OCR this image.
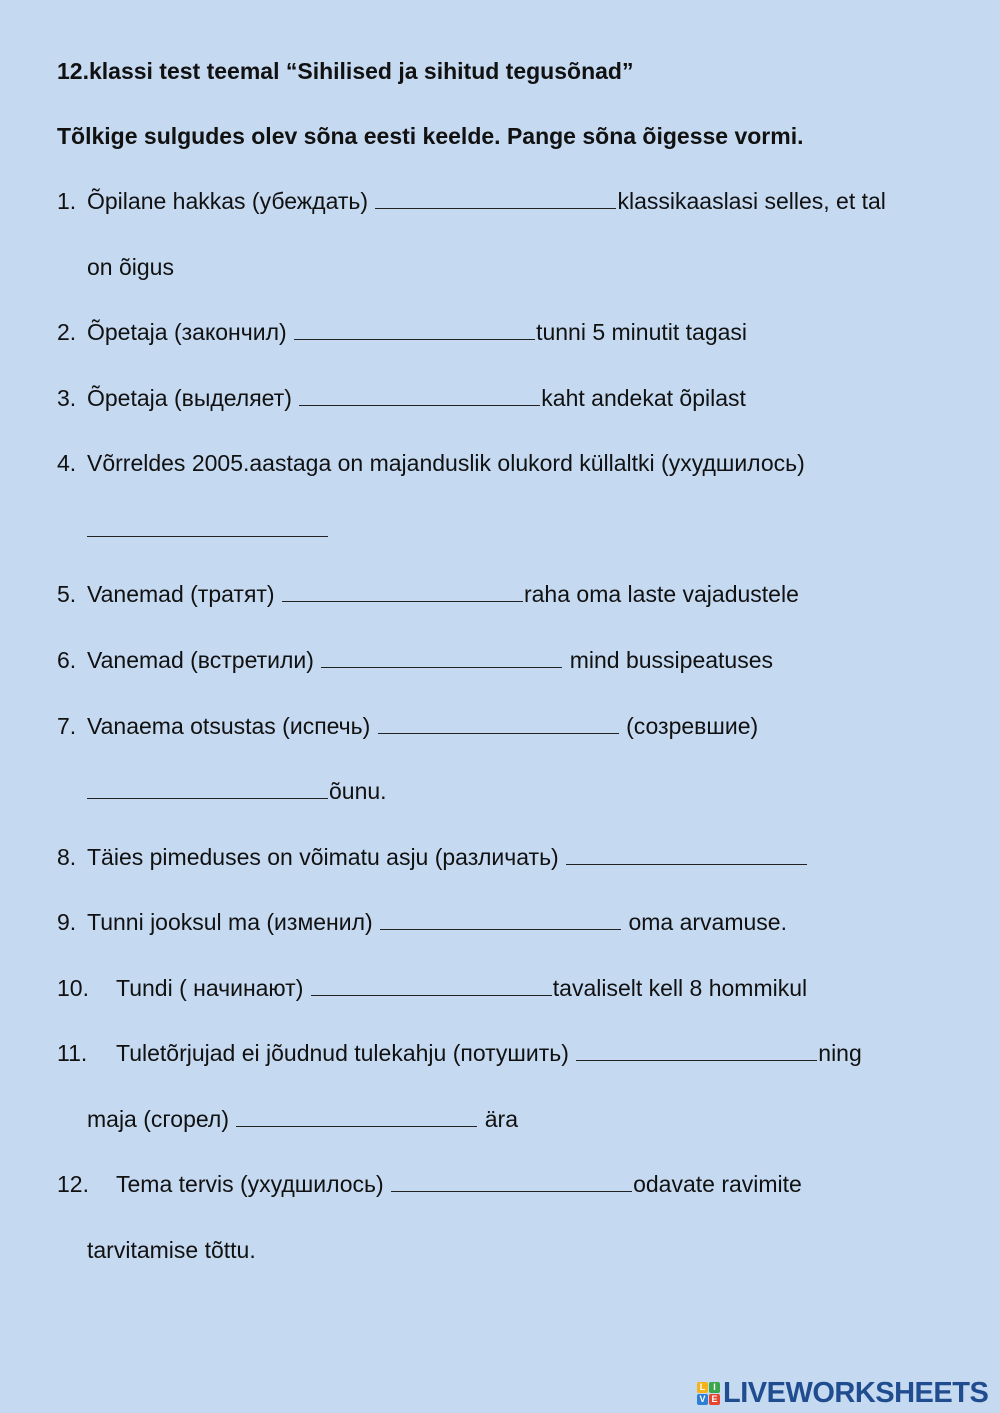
12.klassi test teemal “Sihilised ja sihitud tegusõnad”
Tõlkige sulgudes olev sõna eesti keelde. Pange sõna õigesse vormi.
1. Õpilane hakkas (убеждать)	klassikaaslasi selles, et tal
on õigus
2. Õpetaja (закончил)	tunni 5 minutit tagasi
3. Õpetaja (выделяет)	kaht andekat õpilast
4. Võrreldes 2005.aastaga on majanduslik olukord küllaltki (ухудшилось)
5. Vanemad (тратят)	raha oma laste vajadustele
6. Vanemad (встретили)	mind bussipeatuses
7. Vanaema otsustas (испечь)	(созревшие)
õunu.
8. Täies pimeduses on võimatu asju (различать)
9. Tunni jooksul ma (изменил)	oma arvamuse.
10. Tundi ( начинают)	tavaliselt kell 8 hommikul
11. Tuletõrjujad ei jõudnud tulekahju (потушить)	ning
maja (сгорел)	ära
12. Tema tervis (ухудшилось)	odavate ravimite
tarvitamise tõttu.
L I
V E LIVEWORKSHEETS
